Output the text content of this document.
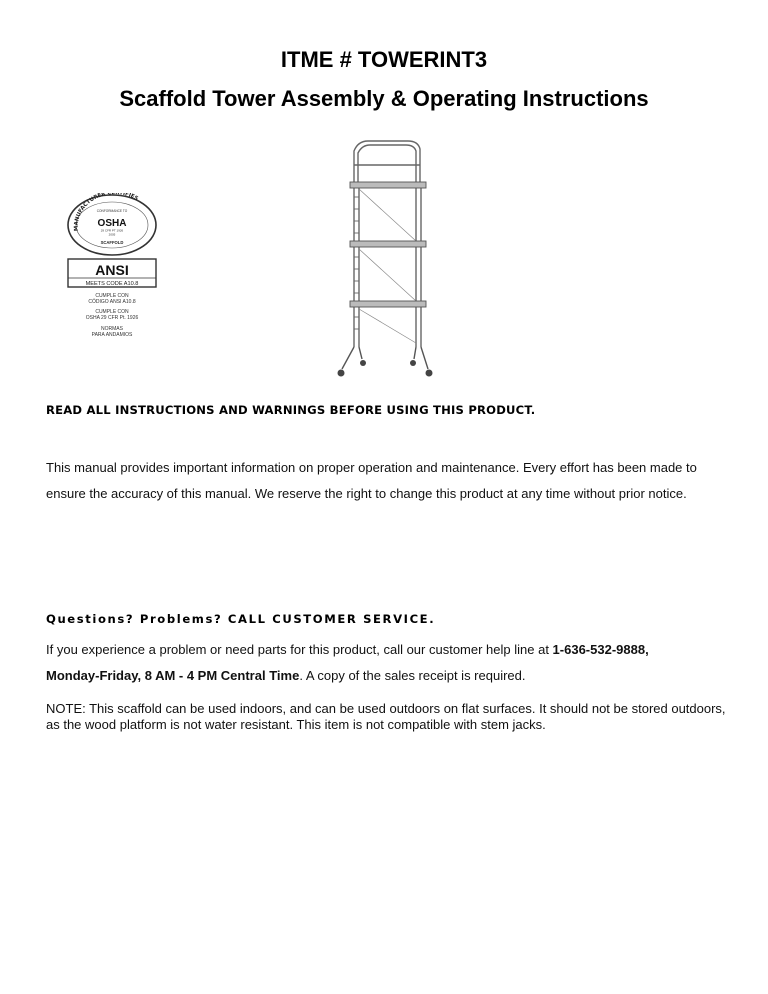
ITME # TOWERINT3
Scaffold Tower Assembly & Operating Instructions
MANUFACTURER CERTIFIES
CONFORMANCE TO
OSHA
29 CFR PT 1926
2005
SCAFFOLD
ANSI
MEETS CODE A10.8
CUMPLE CON
CÓDIGO ANSI A10.8
CUMPLE CON
OSHA 29 CFR Pt. 1926
NORMAS
PARA ANDAMIOS
READ ALL INSTRUCTIONS AND WARNINGS BEFORE USING THIS PRODUCT.
This manual provides important information on proper operation and maintenance. Every effort has been made to ensure the accuracy of this manual. We reserve the right to change this product at any time without prior notice.
Questions? Problems? CALL CUSTOMER SERVICE.
If you experience a problem or need parts for this product, call our customer help line at 1-636-532-9888,
Monday-Friday, 8 AM - 4 PM Central Time. A copy of the sales receipt is required.
NOTE: This scaffold can be used indoors, and can be used outdoors on flat surfaces. It should not be stored outdoors, as the wood platform is not water resistant. This item is not compatible with stem jacks.
